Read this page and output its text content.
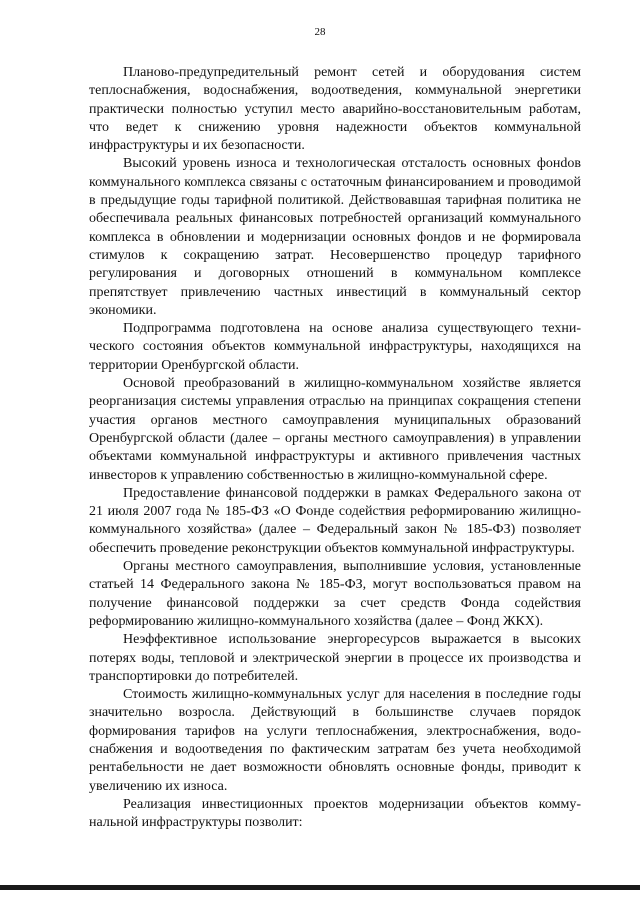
28

Планово-предупредительный ремонт сетей и оборудования систем теплоснабжения, водоснабжения, водоотведения, коммунальной энергетики практически полностью уступил место аварийно-восстановительным работам, что ведет к снижению уровня надежности объектов коммунальной инфраструктуры и их безопасности.

Высокий уровень износа и технологическая отсталость основных фонdов коммунального комплекса связаны с остаточным финансированием и проводимой в предыдущие годы тарифной политикой. Действовавшая тарифная политика не обеспечивала реальных финансовых потребностей организаций коммунального комплекса в обновлении и модернизации основных фондов и не формировала стимулов к сокращению затрат. Несовершенство процедур тарифного регулирования и договорных отношений в коммунальном комплексе препятствует привлечению частных инвестиций в коммунальный сектор экономики.

Подпрограмма подготовлена на основе анализа существующего технического состояния объектов коммунальной инфраструктуры, находящихся на территории Оренбургской области.

Основой преобразований в жилищно-коммунальном хозяйстве является реорганизация системы управления отраслью на принципах сокращения степени участия органов местного самоуправления муниципальных образований Оренбургской области (далее – органы местного самоуправления) в управлении объектами коммунальной инфраструктуры и активного привлечения частных инвесторов к управлению собственностью в жилищно-коммунальной сфере.

Предоставление финансовой поддержки в рамках Федерального закона от 21 июля 2007 года № 185-ФЗ «О Фонде содействия реформированию жилищно-коммунального хозяйства» (далее – Федеральный закон № 185-ФЗ) позволяет обеспечить проведение реконструкции объектов коммунальной инфраструктуры.

Органы местного самоуправления, выполнившие условия, установленные статьей 14 Федерального закона № 185-ФЗ, могут воспользоваться правом на получение финансовой поддержки за счет средств Фонда содействия реформированию жилищно-коммунального хозяйства (далее – Фонд ЖКХ).

Неэффективное использование энергоресурсов выражается в высоких потерях воды, тепловой и электрической энергии в процессе их производства и транспортировки до потребителей.

Стоимость жилищно-коммунальных услуг для населения в последние годы значительно возросла. Действующий в большинстве случаев порядок формирования тарифов на услуги теплоснабжения, электроснабжения, водоснабжения и водоотведения по фактическим затратам без учета необходимой рентабельности не дает возможности обновлять основные фонды, приводит к увеличению их износа.

Реализация инвестиционных проектов модернизации объектов коммунальной инфраструктуры позволит:
